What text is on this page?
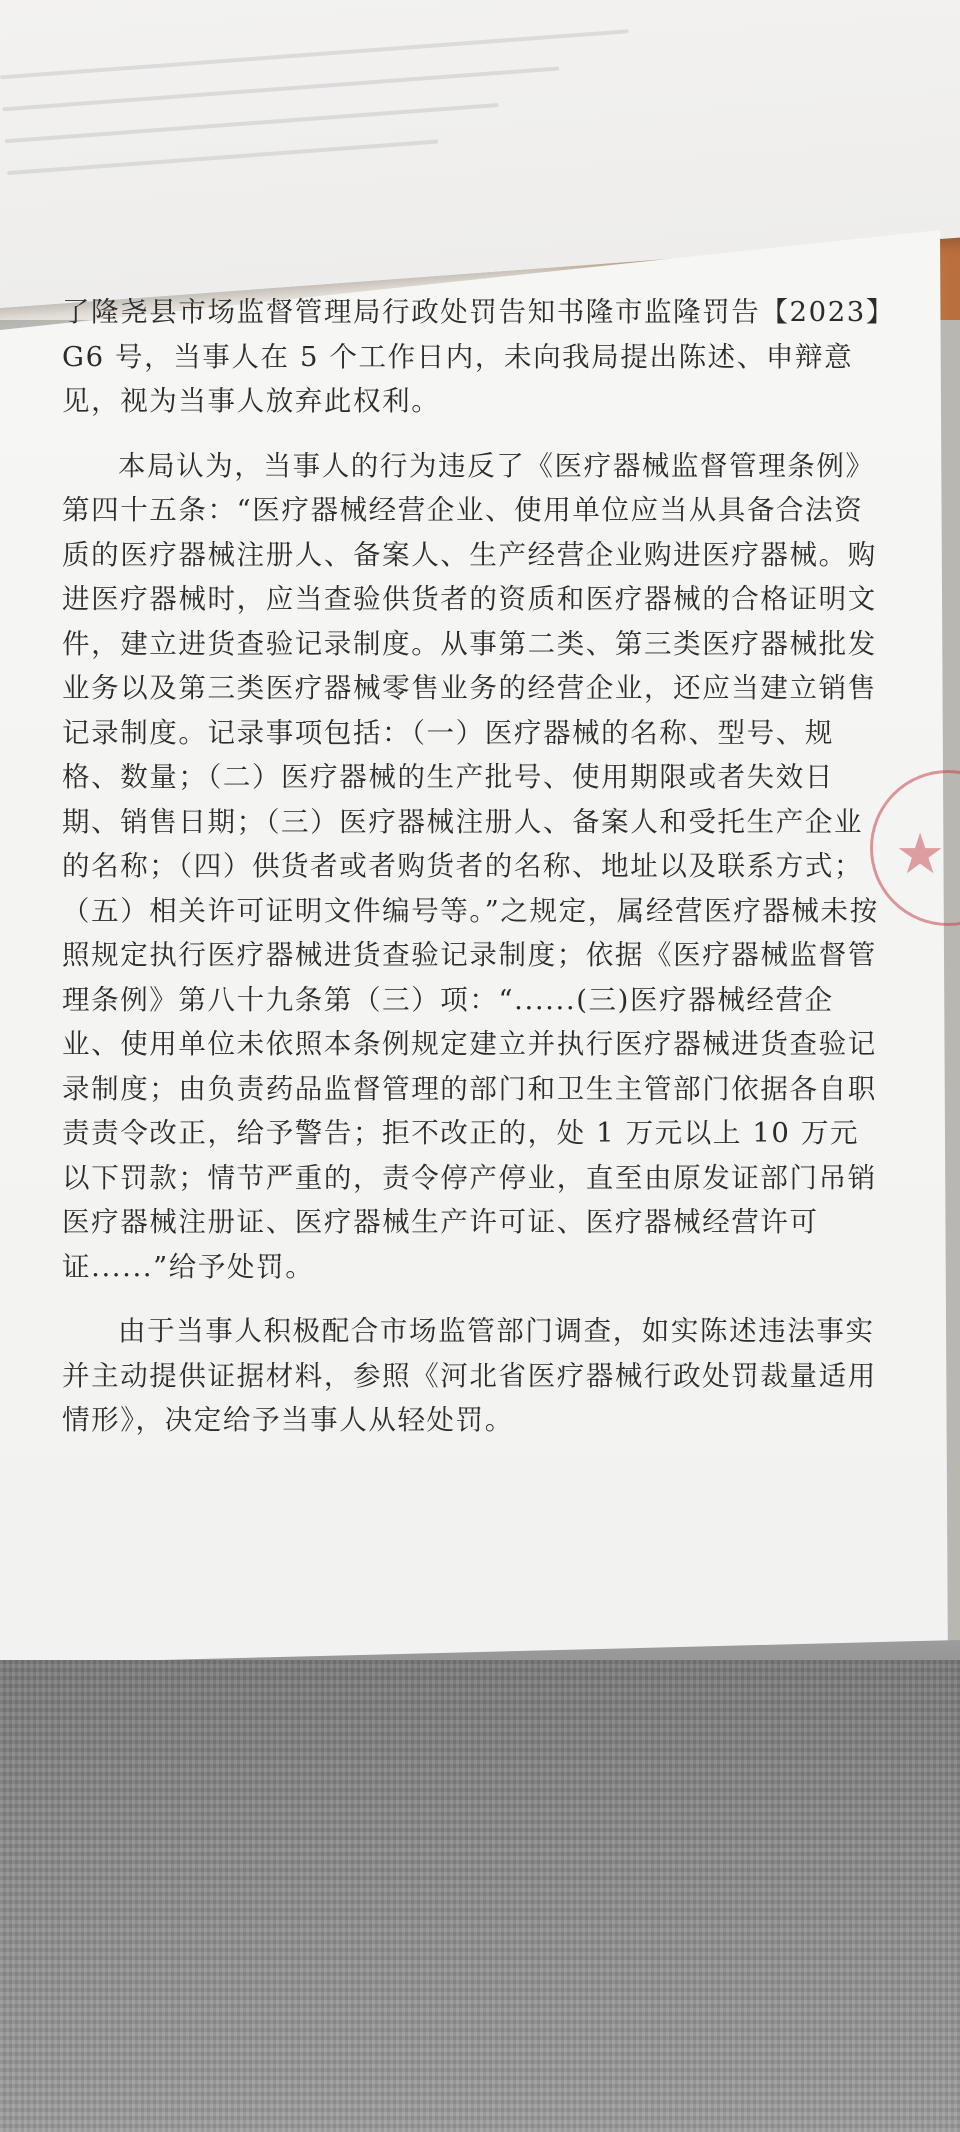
★

了隆尧县市场监督管理局行政处罚告知书隆市监隆罚告【2023】G6 号，当事人在 5 个工作日内，未向我局提出陈述、申辩意见，视为当事人放弃此权利。

本局认为，当事人的行为违反了《医疗器械监督管理条例》第四十五条：“医疗器械经营企业、使用单位应当从具备合法资质的医疗器械注册人、备案人、生产经营企业购进医疗器械。购进医疗器械时，应当查验供货者的资质和医疗器械的合格证明文件，建立进货查验记录制度。从事第二类、第三类医疗器械批发业务以及第三类医疗器械零售业务的经营企业，还应当建立销售记录制度。记录事项包括：（一）医疗器械的名称、型号、规格、数量；（二）医疗器械的生产批号、使用期限或者失效日期、销售日期；（三）医疗器械注册人、备案人和受托生产企业的名称；（四）供货者或者购货者的名称、地址以及联系方式；（五）相关许可证明文件编号等。”之规定，属经营医疗器械未按照规定执行医疗器械进货查验记录制度；依据《医疗器械监督管理条例》第八十九条第（三）项：“......(三)医疗器械经营企业、使用单位未依照本条例规定建立并执行医疗器械进货查验记录制度；由负责药品监督管理的部门和卫生主管部门依据各自职责责令改正，给予警告；拒不改正的，处 1 万元以上 10 万元以下罚款；情节严重的，责令停产停业，直至由原发证部门吊销医疗器械注册证、医疗器械生产许可证、医疗器械经营许可证......”给予处罚。

由于当事人积极配合市场监管部门调查，如实陈述违法事实并主动提供证据材料，参照《河北省医疗器械行政处罚裁量适用情形》，决定给予当事人从轻处罚。
